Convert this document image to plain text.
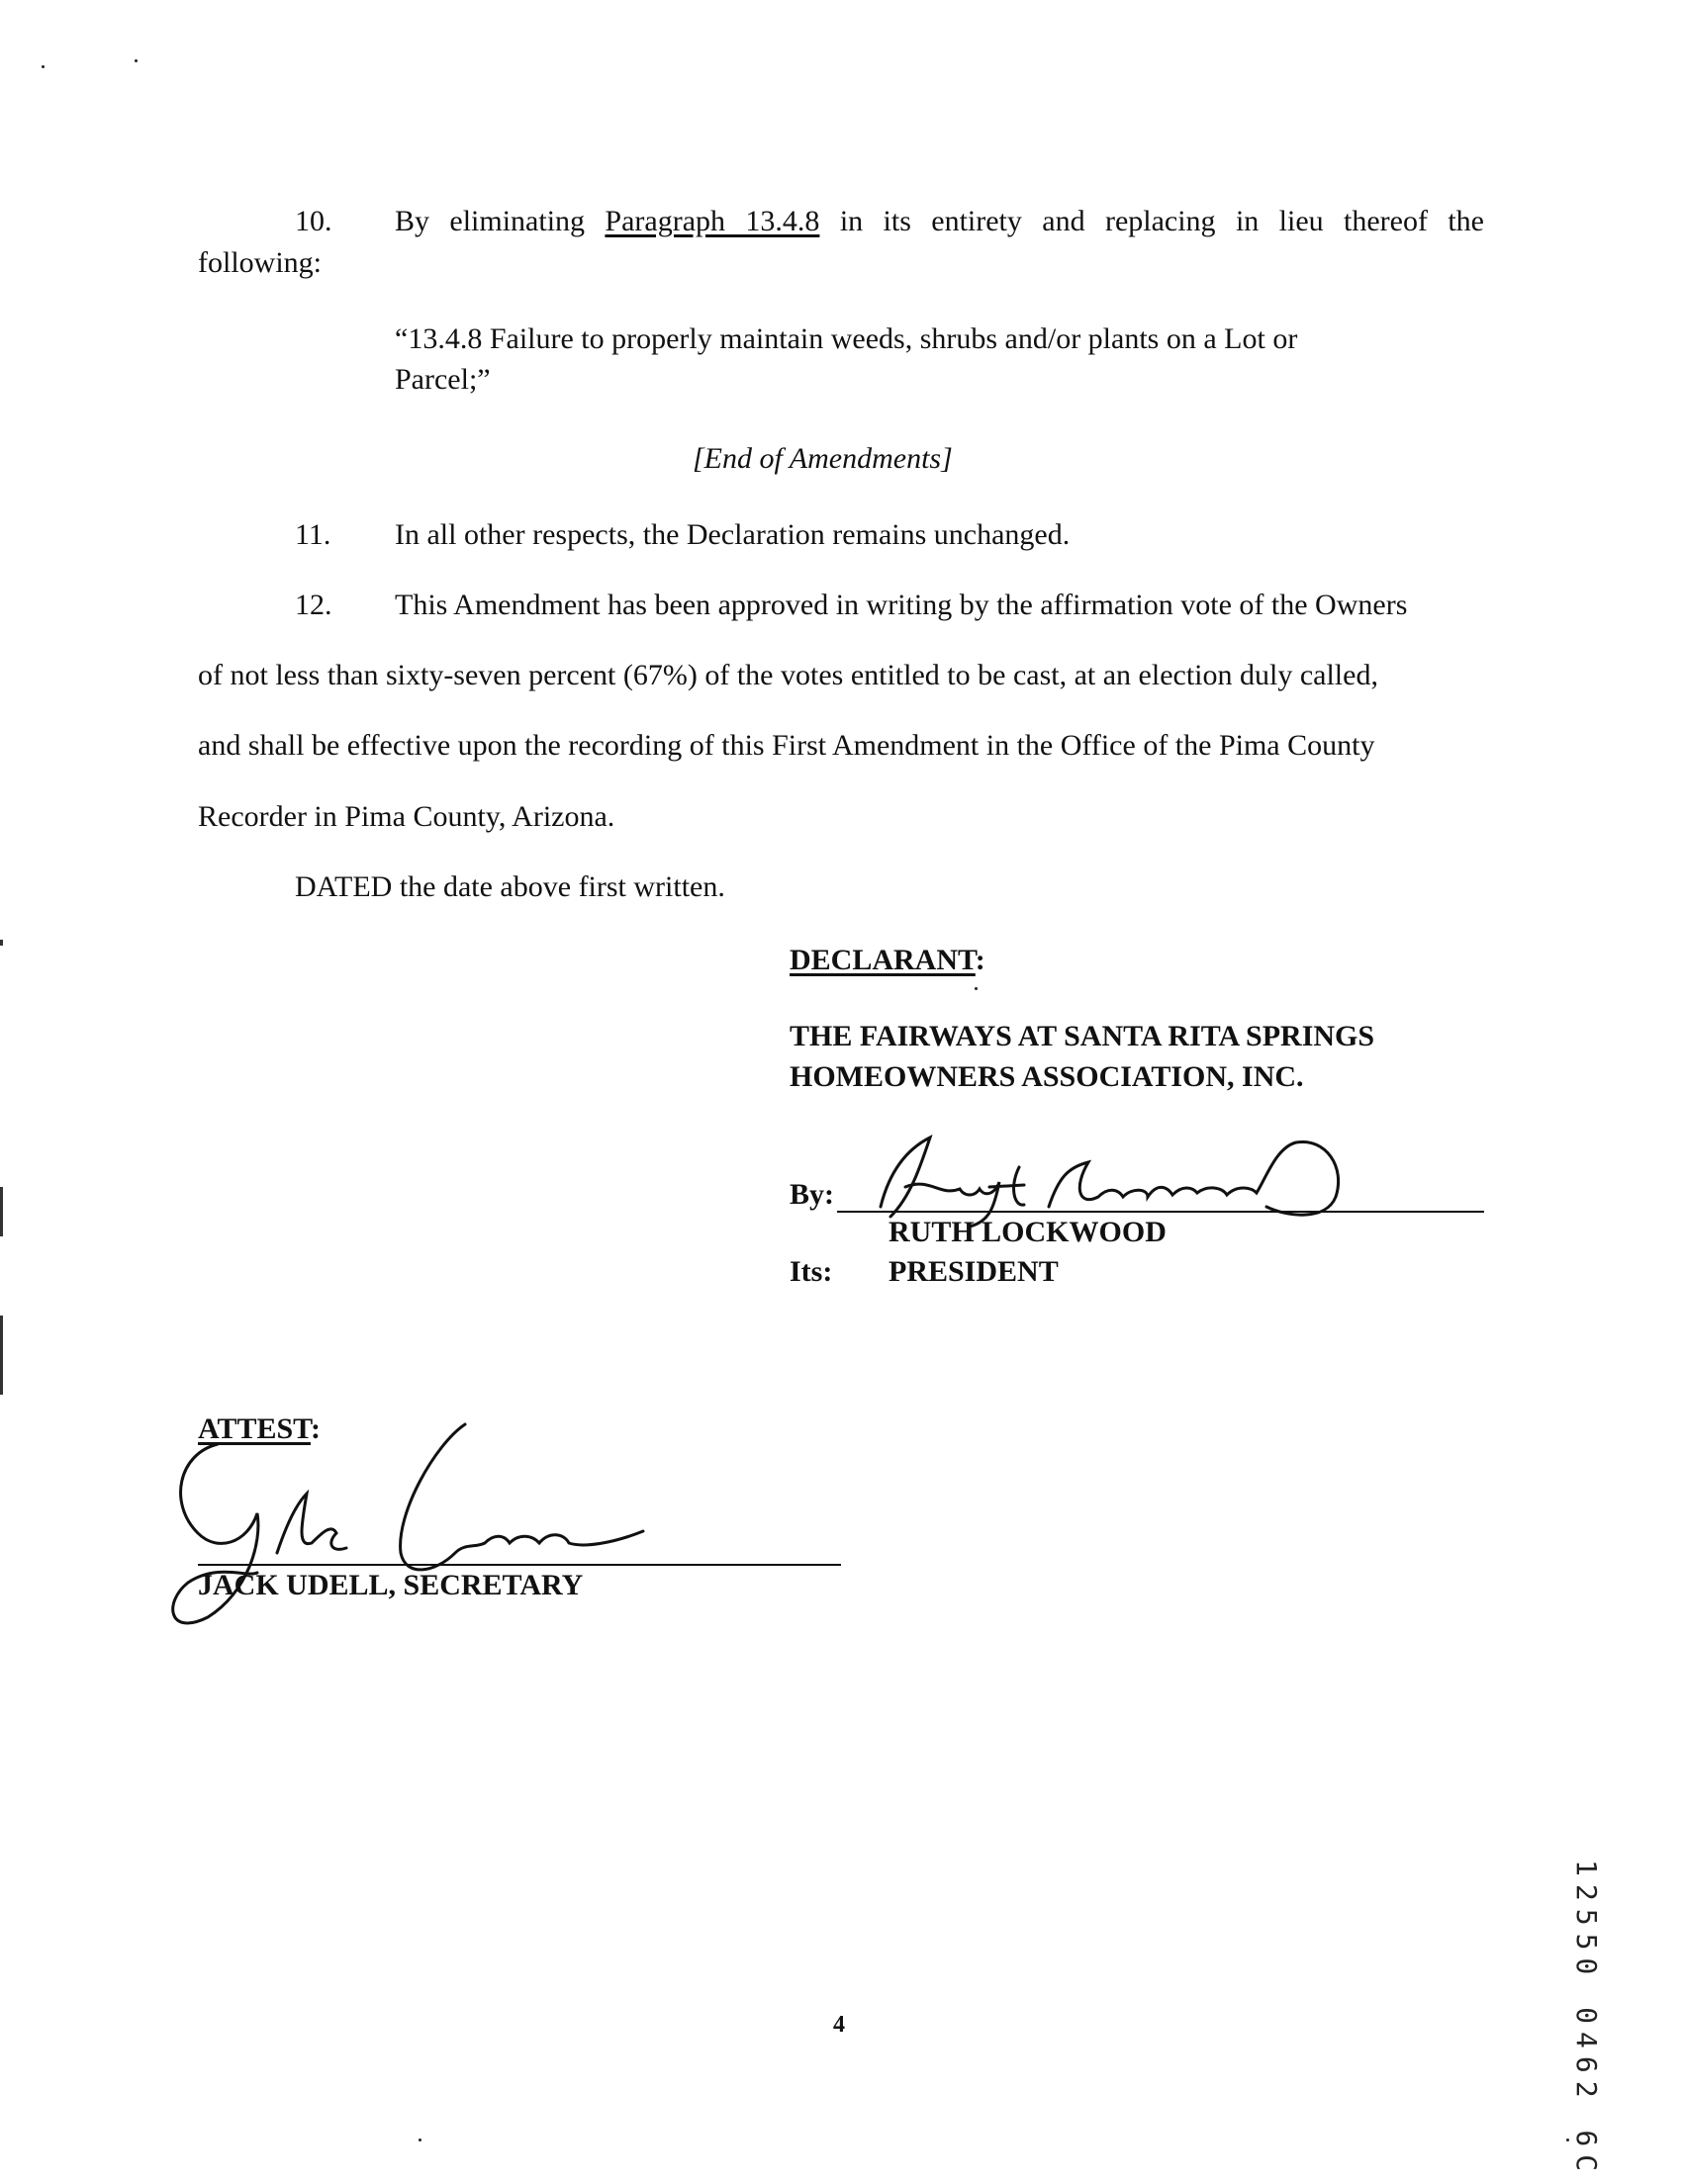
10. By eliminating Paragraph 13.4.8 in its entirety and replacing in lieu thereof the
following:
“13.4.8 Failure to properly maintain weeds, shrubs and/or plants on a Lot or
Parcel;”
[End of Amendments]
11. In all other respects, the Declaration remains unchanged.
12. This Amendment has been approved in writing by the affirmation vote of the Owners
of not less than sixty-seven percent (67%) of the votes entitled to be cast, at an election duly called,
and shall be effective upon the recording of this First Amendment in the Office of the Pima County
Recorder in Pima County, Arizona.
DATED the date above first written.
DECLARANT:
THE FAIRWAYS AT SANTA RITA SPRINGS
HOMEOWNERS ASSOCIATION, INC.
By:
RUTH LOCKWOOD
Its: PRESIDENT
ATTEST:
JACK UDELL, SECRETARY
12550 0462 6C
4
